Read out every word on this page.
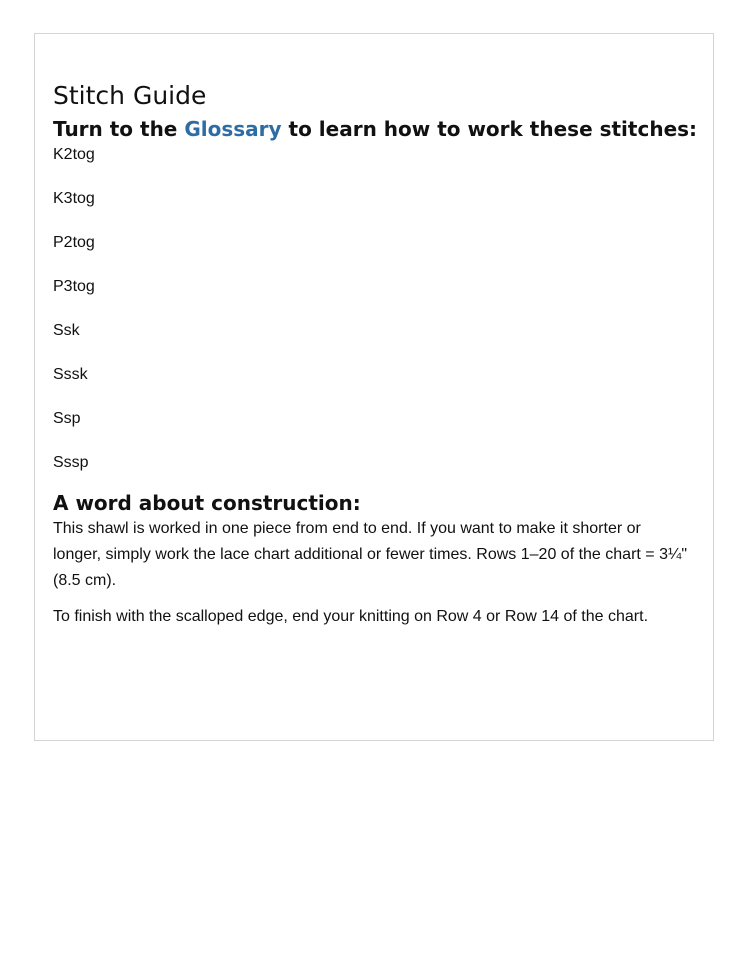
Stitch Guide
Turn to the Glossary to learn how to work these stitches:
K2tog
K3tog
P2tog
P3tog
Ssk
Sssk
Ssp
Sssp
A word about construction:

This shawl is worked in one piece from end to end. If you want to make it shorter or longer, simply work the lace chart additional or fewer times. Rows 1–20 of the chart = 3¼" (8.5 cm).

To finish with the scalloped edge, end your knitting on Row 4 or Row 14 of the chart.
